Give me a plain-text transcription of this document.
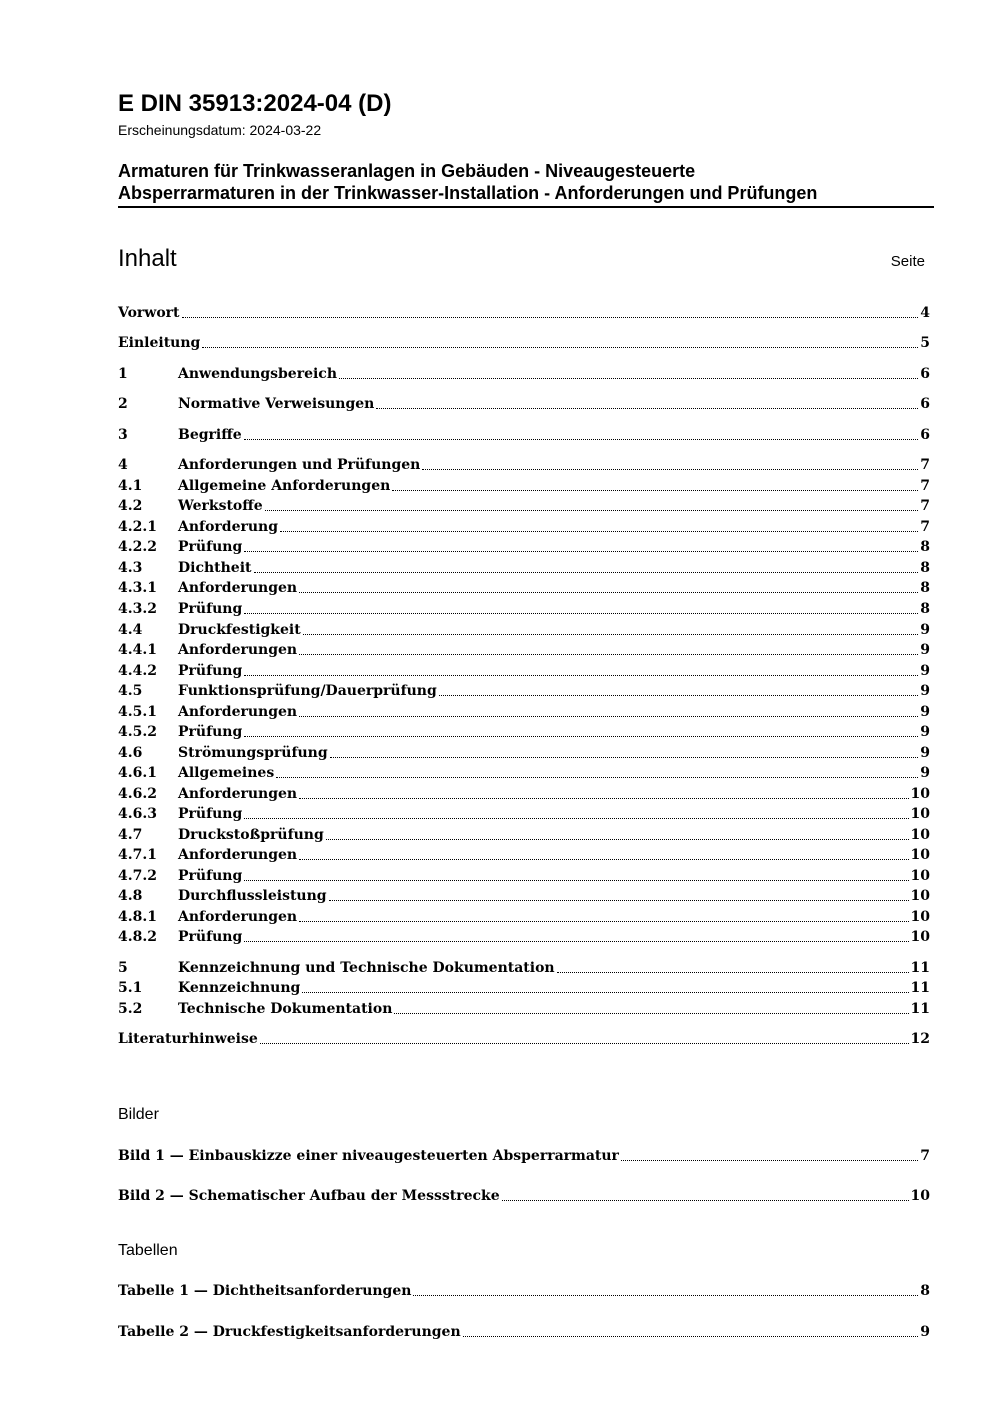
E DIN 35913:2024-04 (D)
Erscheinungsdatum: 2024-03-22
Armaturen für Trinkwasseranlagen in Gebäuden - Niveaugesteuerte
Absperrarmaturen in der Trinkwasser-Installation - Anforderungen und Prüfungen
Inhalt	Seite
Vorwort	4
Einleitung	5
1	Anwendungsbereich	6
2	Normative Verweisungen	6
3	Begriffe	6
4	Anforderungen und Prüfungen	7
4.1	Allgemeine Anforderungen	7
4.2	Werkstoffe	7
4.2.1	Anforderung	7
4.2.2	Prüfung	8
4.3	Dichtheit	8
4.3.1	Anforderungen	8
4.3.2	Prüfung	8
4.4	Druckfestigkeit	9
4.4.1	Anforderungen	9
4.4.2	Prüfung	9
4.5	Funktionsprüfung/Dauerprüfung	9
4.5.1	Anforderungen	9
4.5.2	Prüfung	9
4.6	Strömungsprüfung	9
4.6.1	Allgemeines	9
4.6.2	Anforderungen	10
4.6.3	Prüfung	10
4.7	Druckstoßprüfung	10
4.7.1	Anforderungen	10
4.7.2	Prüfung	10
4.8	Durchflussleistung	10
4.8.1	Anforderungen	10
4.8.2	Prüfung	10
5	Kennzeichnung und Technische Dokumentation	11
5.1	Kennzeichnung	11
5.2	Technische Dokumentation	11
Literaturhinweise	12
Bilder
Bild 1 — Einbauskizze einer niveaugesteuerten Absperrarmatur	7
Bild 2 — Schematischer Aufbau der Messstrecke	10
Tabellen
Tabelle 1 — Dichtheitsanforderungen	8
Tabelle 2 — Druckfestigkeitsanforderungen	9
